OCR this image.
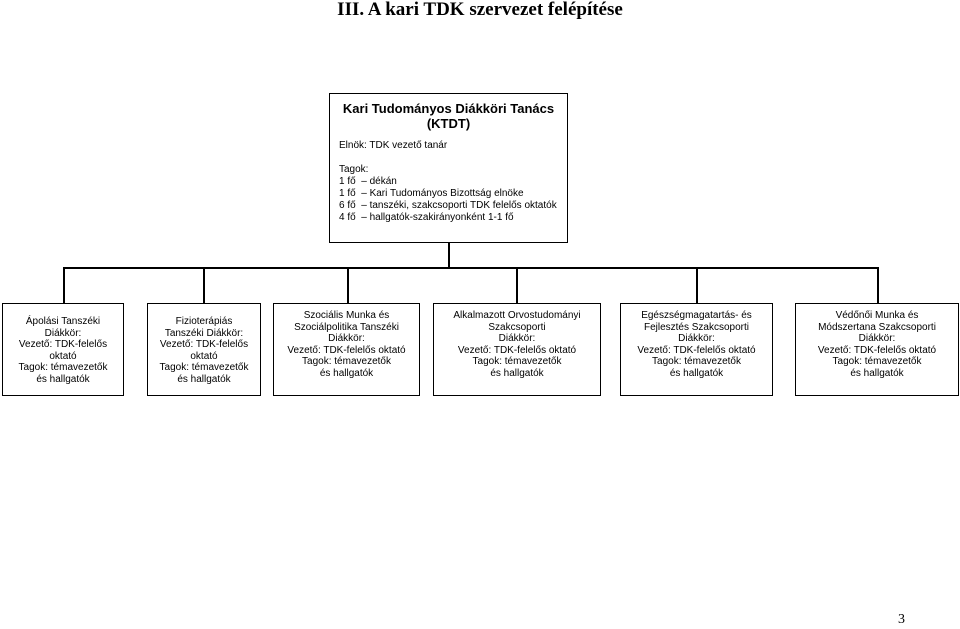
III. A kari TDK szervezet felépítése
Kari Tudományos Diákköri Tanács
(KTDT)
Elnök: TDK vezető tanár
Tagok:
1 fő  – dékán
1 fő  – Kari Tudományos Bizottság elnöke
6 fő  – tanszéki, szakcsoporti TDK felelős oktatók
4 fő  – hallgatók-szakirányonként 1-1 fő
Ápolási Tanszéki
Diákkör:
Vezető: TDK-felelős
oktató
Tagok: témavezetők
és hallgatók
Fizioterápiás
Tanszéki Diákkör:
Vezető: TDK-felelős
oktató
Tagok: témavezetők
és hallgatók
Szociális Munka és
Szociálpolitika Tanszéki
Diákkör:
Vezető: TDK-felelős oktató
Tagok: témavezetők
és hallgatók
Alkalmazott Orvostudományi
Szakcsoporti
Diákkör:
Vezető: TDK-felelős oktató
Tagok: témavezetők
és hallgatók
Egészségmagatartás- és
Fejlesztés Szakcsoporti
Diákkör:
Vezető: TDK-felelős oktató
Tagok: témavezetők
és hallgatók
Védőnői Munka és
Módszertana Szakcsoporti
Diákkör:
Vezető: TDK-felelős oktató
Tagok: témavezetők
és hallgatók
3
